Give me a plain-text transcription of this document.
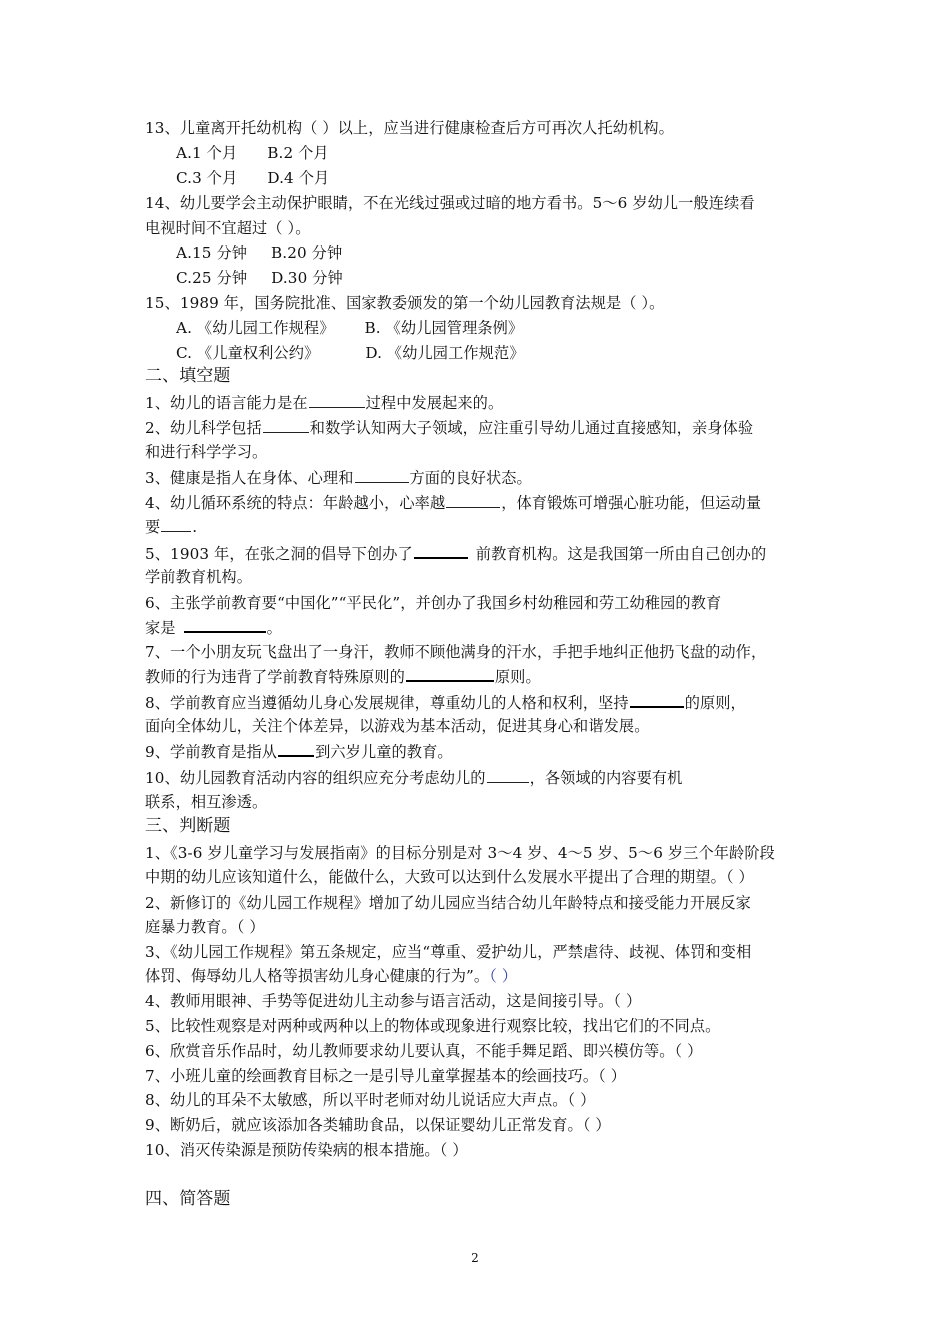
13、儿童离开托幼机构（ ）以上，应当进行健康检查后方可再次人托幼机构。
A.1 个月 B.2 个月
C.3 个月 D.4 个月
14、幼儿要学会主动保护眼睛，不在光线过强或过暗的地方看书。5～6 岁幼儿一般连续看
电视时间不宜超过（ ）。
A.15 分钟 B.20 分钟
C.25 分钟 D.30 分钟
15、1989 年，国务院批准、国家教委颁发的第一个幼儿园教育法规是（ ）。
A. 《幼儿园工作规程》 B. 《幼儿园管理条例》
C. 《儿童权利公约》	D. 《幼儿园工作规范》
二、填空题
1、幼儿的语言能力是在	过程中发展起来的。
2、幼儿科学包括	和数学认知两大子领域，应注重引导幼儿通过直接感知，亲身体验
和进行科学学习。
3、健康是指人在身体、心理和	方面的良好状态。
4、幼儿循环系统的特点：年龄越小，心率越	，体育锻炼可增强心脏功能，但运动量
要 .
5、1903 年，在张之洞的倡导下创办了	前教育机构。这是我国第一所由自己创办的
学前教育机构。
6、主张学前教育要“中国化”“平民化”，并创办了我国乡村幼稚园和劳工幼稚园的教育
家是	。
7、一个小朋友玩飞盘出了一身汗，教师不顾他满身的汗水，手把手地纠正他扔飞盘的动作，
教师的行为违背了学前教育特殊原则的	原则。
8、学前教育应当遵循幼儿身心发展规律，尊重幼儿的人格和权利，坚持	的原则，
面向全体幼儿，关注个体差异，以游戏为基本活动，促进其身心和谐发展。
9、学前教育是指从	到六岁儿童的教育。
10、幼儿园教育活动内容的组织应充分考虑幼儿的	，各领域的内容要有机
联系，相互渗透。
三、判断题
1、《3-6 岁儿童学习与发展指南》的目标分别是对 3～4 岁、4～5 岁、5～6 岁三个年龄阶段
中期的幼儿应该知道什么，能做什么，大致可以达到什么发展水平提出了合理的期望。（ ）
2、新修订的《幼儿园工作规程》增加了幼儿园应当结合幼儿年龄特点和接受能力开展反家
庭暴力教育。（ ）
3、《幼儿园工作规程》第五条规定，应当“尊重、爱护幼儿，严禁虐待、歧视、体罚和变相
体罚、侮辱幼儿人格等损害幼儿身心健康的行为”。（ ）
4、教师用眼神、手势等促进幼儿主动参与语言活动，这是间接引导。（ ）
5、比较性观察是对两种或两种以上的物体或现象进行观察比较，找出它们的不同点。
6、欣赏音乐作品时，幼儿教师要求幼儿要认真，不能手舞足蹈、即兴模仿等。（ ）
7、小班儿童的绘画教育目标之一是引导儿童掌握基本的绘画技巧。（ ）
8、幼儿的耳朵不太敏感，所以平时老师对幼儿说话应大声点。（ ）
9、断奶后，就应该添加各类辅助食品，以保证婴幼儿正常发育。（ ）
10、消灭传染源是预防传染病的根本措施。（ ）
四、简答题
2
